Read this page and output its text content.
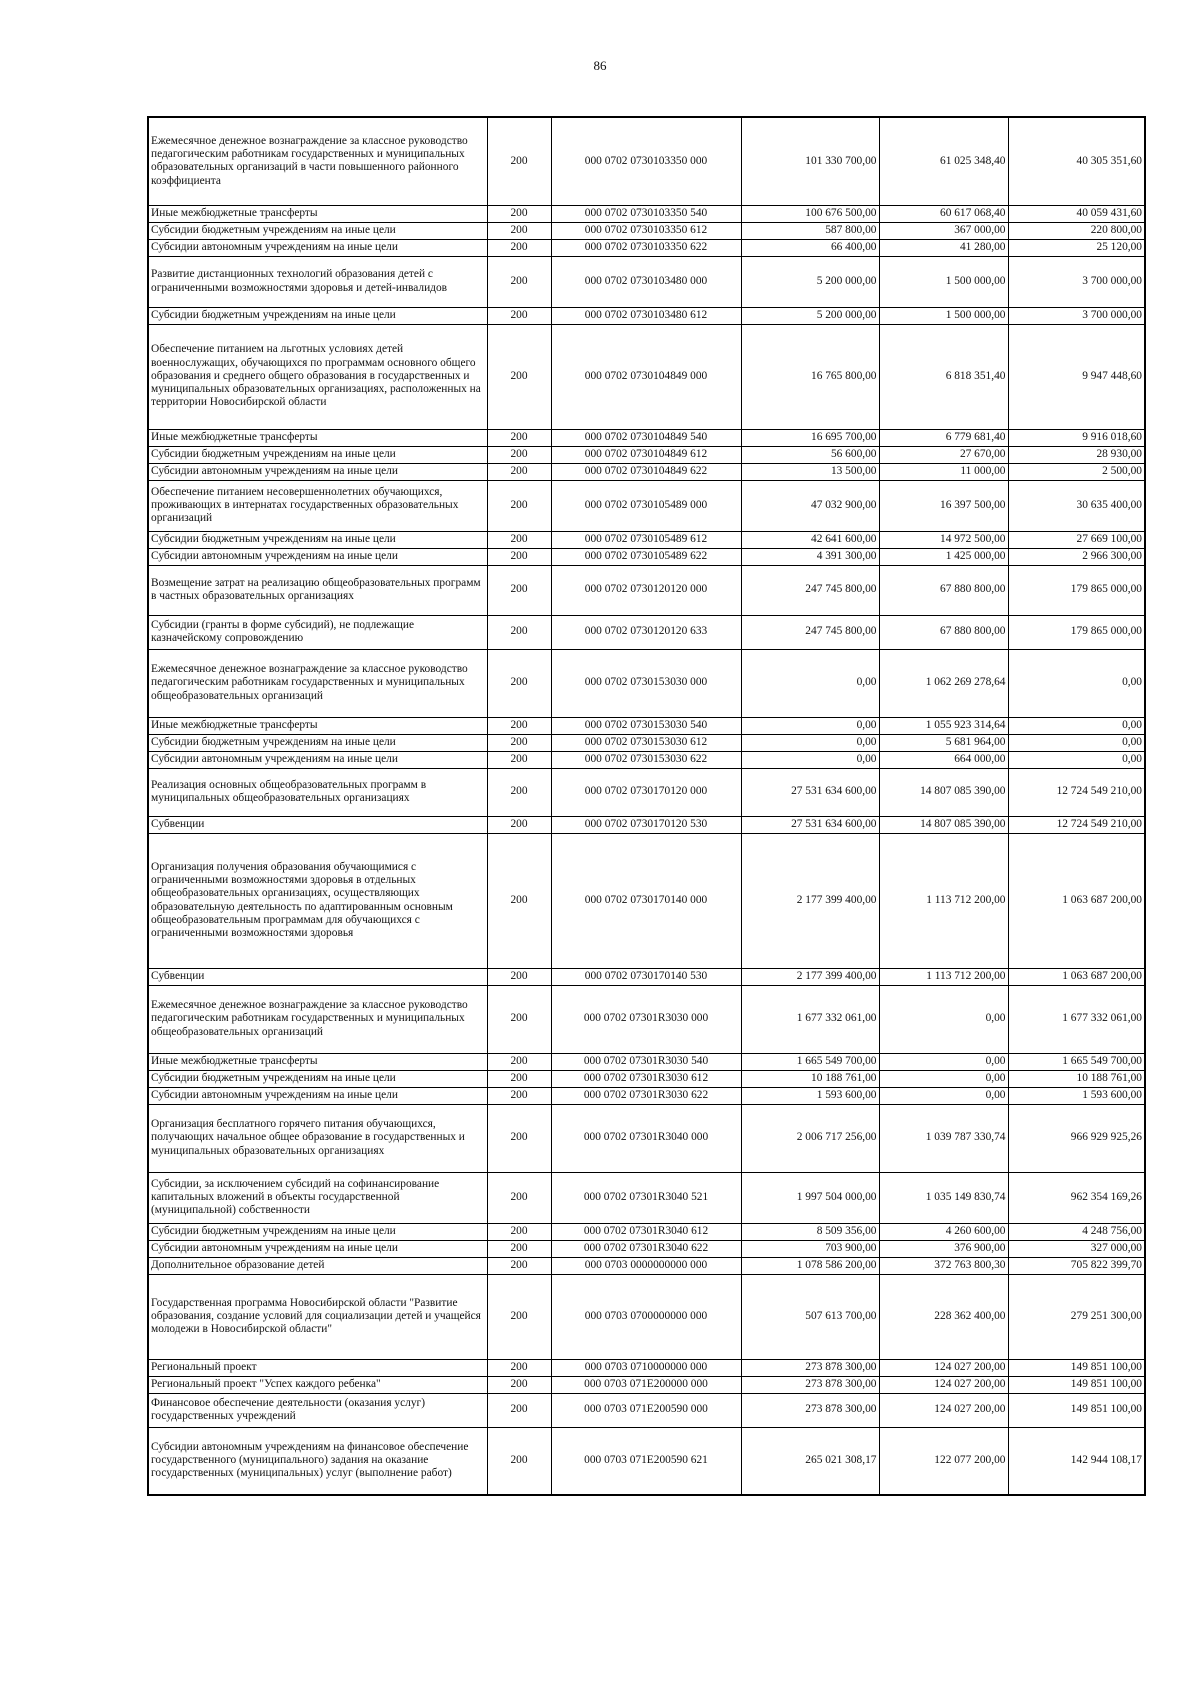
86
Ежемесячное денежное вознаграждение за классное руководство педагогическим работникам государственных и муниципальных образовательных организаций в части повышенного районного коэффициента	200	000 0702 0730103350 000	101 330 700,00	61 025 348,40	40 305 351,60
Иные межбюджетные трансферты	200	000 0702 0730103350 540	100 676 500,00	60 617 068,40	40 059 431,60
Субсидии бюджетным учреждениям на иные цели	200	000 0702 0730103350 612	587 800,00	367 000,00	220 800,00
Субсидии автономным учреждениям на иные цели	200	000 0702 0730103350 622	66 400,00	41 280,00	25 120,00
Развитие дистанционных технологий образования детей с ограниченными возможностями здоровья и детей-инвалидов	200	000 0702 0730103480 000	5 200 000,00	1 500 000,00	3 700 000,00
Субсидии бюджетным учреждениям на иные цели	200	000 0702 0730103480 612	5 200 000,00	1 500 000,00	3 700 000,00
Обеспечение питанием на льготных условиях детей военнослужащих, обучающихся по программам основного общего образования и среднего общего образования в государственных и муниципальных образовательных организациях, расположенных на территории Новосибирской области	200	000 0702 0730104849 000	16 765 800,00	6 818 351,40	9 947 448,60
Иные межбюджетные трансферты	200	000 0702 0730104849 540	16 695 700,00	6 779 681,40	9 916 018,60
Субсидии бюджетным учреждениям на иные цели	200	000 0702 0730104849 612	56 600,00	27 670,00	28 930,00
Субсидии автономным учреждениям на иные цели	200	000 0702 0730104849 622	13 500,00	11 000,00	2 500,00
Обеспечение питанием несовершеннолетних обучающихся, проживающих в интернатах государственных образовательных организаций	200	000 0702 0730105489 000	47 032 900,00	16 397 500,00	30 635 400,00
Субсидии бюджетным учреждениям на иные цели	200	000 0702 0730105489 612	42 641 600,00	14 972 500,00	27 669 100,00
Субсидии автономным учреждениям на иные цели	200	000 0702 0730105489 622	4 391 300,00	1 425 000,00	2 966 300,00
Возмещение затрат на реализацию общеобразовательных программ в частных образовательных организациях	200	000 0702 0730120120 000	247 745 800,00	67 880 800,00	179 865 000,00
Субсидии (гранты в форме субсидий), не подлежащие казначейскому сопровождению	200	000 0702 0730120120 633	247 745 800,00	67 880 800,00	179 865 000,00
Ежемесячное денежное вознаграждение за классное руководство педагогическим работникам государственных и муниципальных общеобразовательных организаций	200	000 0702 0730153030 000	0,00	1 062 269 278,64	0,00
Иные межбюджетные трансферты	200	000 0702 0730153030 540	0,00	1 055 923 314,64	0,00
Субсидии бюджетным учреждениям на иные цели	200	000 0702 0730153030 612	0,00	5 681 964,00	0,00
Субсидии автономным учреждениям на иные цели	200	000 0702 0730153030 622	0,00	664 000,00	0,00
Реализация основных общеобразовательных программ в муниципальных общеобразовательных организациях	200	000 0702 0730170120 000	27 531 634 600,00	14 807 085 390,00	12 724 549 210,00
Субвенции	200	000 0702 0730170120 530	27 531 634 600,00	14 807 085 390,00	12 724 549 210,00
Организация получения образования обучающимися с ограниченными возможностями здоровья в отдельных общеобразовательных организациях, осуществляющих образовательную деятельность по адаптированным основным общеобразовательным программам для обучающихся с ограниченными возможностями здоровья	200	000 0702 0730170140 000	2 177 399 400,00	1 113 712 200,00	1 063 687 200,00
Субвенции	200	000 0702 0730170140 530	2 177 399 400,00	1 113 712 200,00	1 063 687 200,00
Ежемесячное денежное вознаграждение за классное руководство педагогическим работникам государственных и муниципальных общеобразовательных организаций	200	000 0702 07301R3030 000	1 677 332 061,00	0,00	1 677 332 061,00
Иные межбюджетные трансферты	200	000 0702 07301R3030 540	1 665 549 700,00	0,00	1 665 549 700,00
Субсидии бюджетным учреждениям на иные цели	200	000 0702 07301R3030 612	10 188 761,00	0,00	10 188 761,00
Субсидии автономным учреждениям на иные цели	200	000 0702 07301R3030 622	1 593 600,00	0,00	1 593 600,00
Организация бесплатного горячего питания обучающихся, получающих начальное общее образование в государственных и муниципальных образовательных организациях	200	000 0702 07301R3040 000	2 006 717 256,00	1 039 787 330,74	966 929 925,26
Субсидии, за исключением субсидий на софинансирование капитальных вложений в объекты государственной (муниципальной) собственности	200	000 0702 07301R3040 521	1 997 504 000,00	1 035 149 830,74	962 354 169,26
Субсидии бюджетным учреждениям на иные цели	200	000 0702 07301R3040 612	8 509 356,00	4 260 600,00	4 248 756,00
Субсидии автономным учреждениям на иные цели	200	000 0702 07301R3040 622	703 900,00	376 900,00	327 000,00
Дополнительное образование детей	200	000 0703 0000000000 000	1 078 586 200,00	372 763 800,30	705 822 399,70
Государственная программа Новосибирской области "Развитие образования, создание условий для социализации детей и учащейся молодежи в Новосибирской области"	200	000 0703 0700000000 000	507 613 700,00	228 362 400,00	279 251 300,00
Региональный проект	200	000 0703 0710000000 000	273 878 300,00	124 027 200,00	149 851 100,00
Региональный проект "Успех каждого ребенка"	200	000 0703 071E200000 000	273 878 300,00	124 027 200,00	149 851 100,00
Финансовое обеспечение деятельности (оказания услуг) государственных учреждений	200	000 0703 071E200590 000	273 878 300,00	124 027 200,00	149 851 100,00
Субсидии автономным учреждениям на финансовое обеспечение государственного (муниципального) задания на оказание государственных (муниципальных) услуг (выполнение работ)	200	000 0703 071E200590 621	265 021 308,17	122 077 200,00	142 944 108,17
